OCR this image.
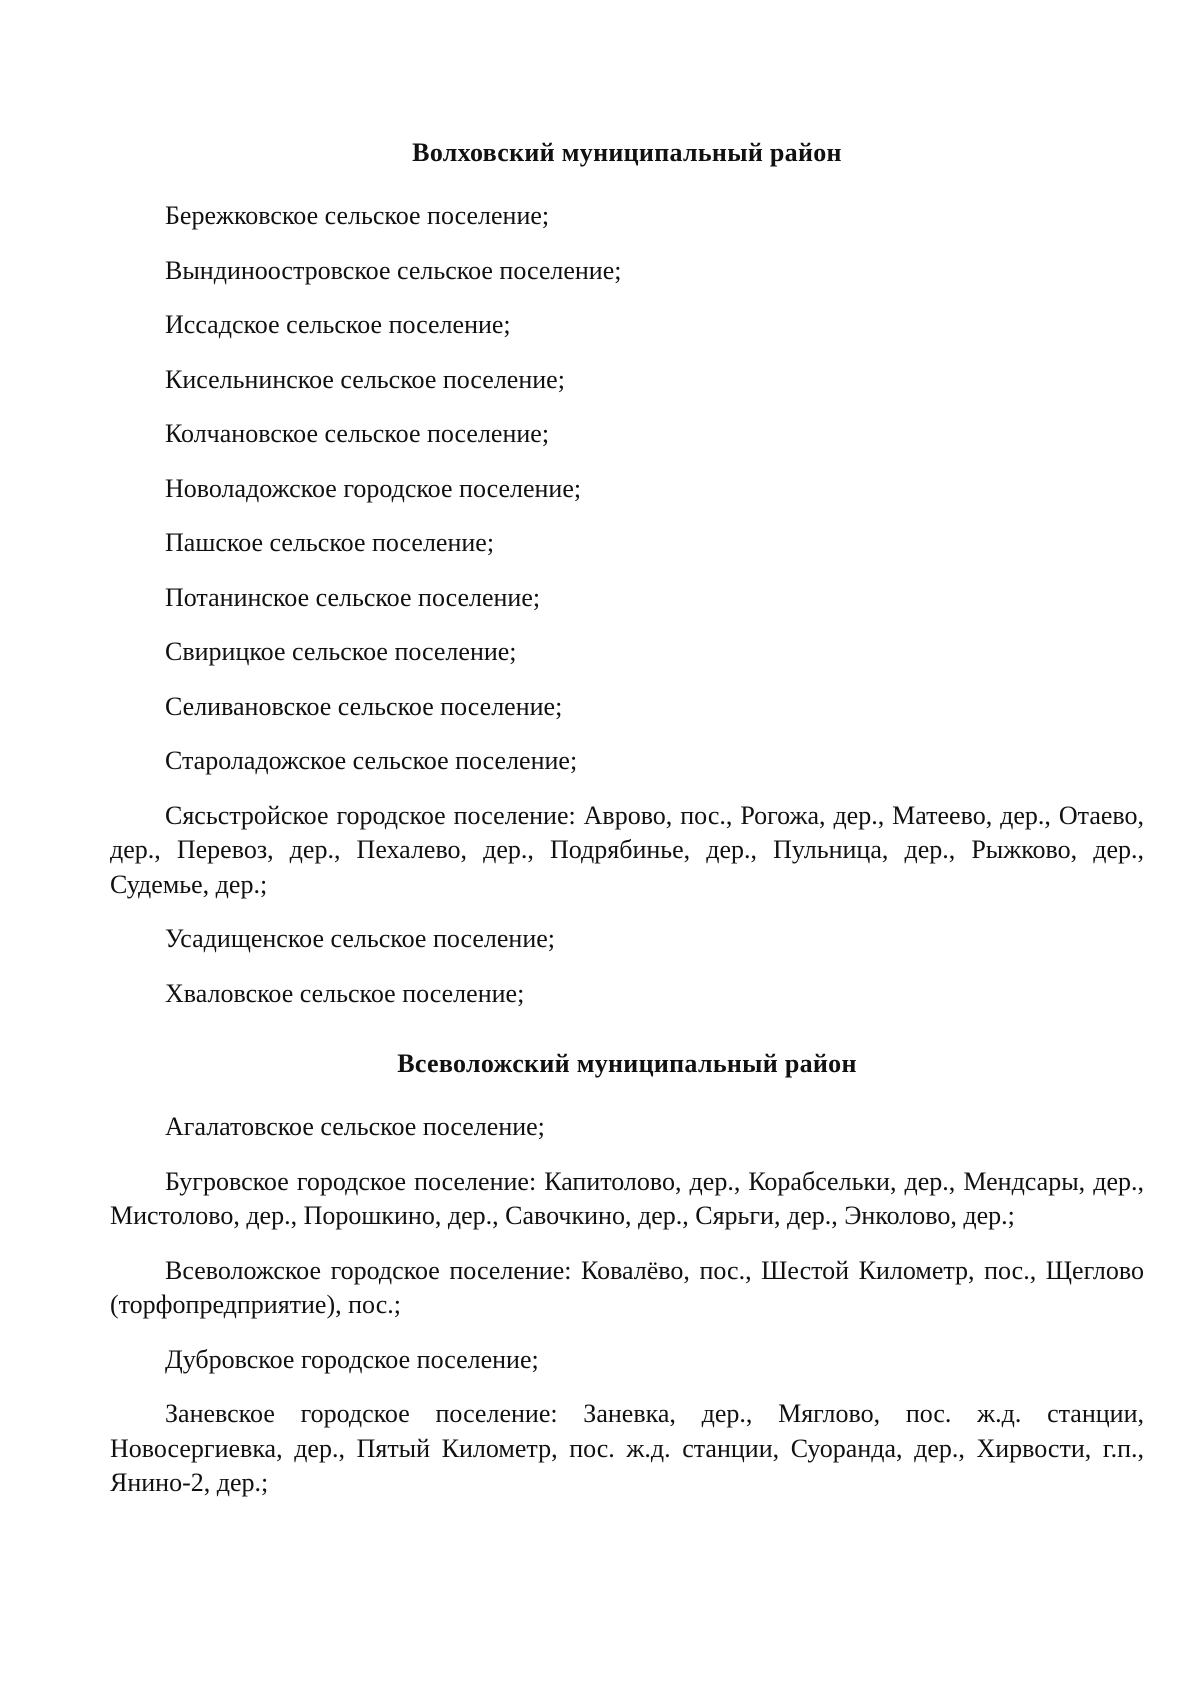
Волховский муниципальный район
Бережковское сельское поселение;
Вындиноостровское сельское поселение;
Иссадское сельское поселение;
Кисельнинское сельское поселение;
Колчановское сельское поселение;
Новоладожское городское поселение;
Пашское сельское поселение;
Потанинское сельское поселение;
Свирицкое сельское поселение;
Селивановское сельское поселение;
Староладожское сельское поселение;
Сясьстройское городское поселение: Аврово, пос., Рогожа, дер., Матеево, дер., Отаево, дер., Перевоз, дер., Пехалево, дер., Подрябинье, дер., Пульница, дер., Рыжково, дер., Судемье, дер.;
Усадищенское сельское поселение;
Хваловское сельское поселение;
Всеволожский муниципальный район
Агалатовское сельское поселение;
Бугровское городское поселение: Капитолово, дер., Корабсельки, дер., Мендсары, дер., Мистолово, дер., Порошкино, дер., Савочкино, дер., Сярьги, дер., Энколово, дер.;
Всеволожское городское поселение: Ковалёво, пос., Шестой Километр, пос., Щеглово (торфопредприятие), пос.;
Дубровское городское поселение;
Заневское городское поселение: Заневка, дер., Мяглово, пос. ж.д. станции, Новосергиевка, дер., Пятый Километр, пос. ж.д. станции, Суоранда, дер., Хирвости, г.п., Янино-2, дер.;
